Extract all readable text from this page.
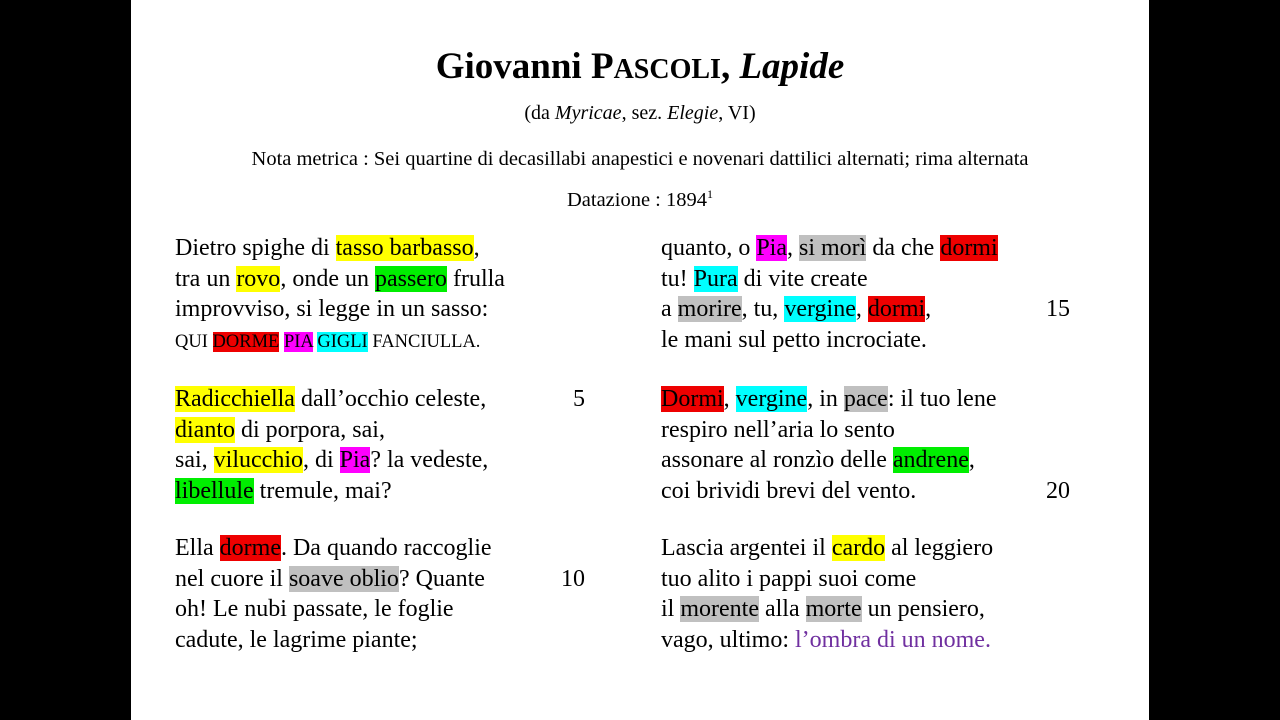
Giovanni PASCOLI, Lapide
(da Myricae, sez. Elegie, VI)
Nota metrica : Sei quartine di decasillabi anapestici e novenari dattilici alternati; rima alternata
Datazione : 1894$^1$
Dietro spighe di tasso barbasso,
tra un rovo, onde un passero frulla
improvviso, si legge in un sasso:
QUI DORME PIA GIGLI FANCIULLA.
Radicchiella dall’occhio celeste,
dianto di porpora, sai,
sai, vilucchio, di Pia? la vedeste,
libellule tremule, mai?
5
Ella dorme. Da quando raccoglie
nel cuore il soave oblio? Quante
oh! Le nubi passate, le foglie
cadute, le lagrime piante;
10
quanto, o Pia, si morì da che dormi
tu! Pura di vite create
a morire, tu, vergine, dormi,
le mani sul petto incrociate.
15
Dormi, vergine, in pace: il tuo lene
respiro nell’aria lo sento
assonare al ronzìo delle andrene,
coi brividi brevi del vento.	20
Lascia argentei il cardo al leggiero
tuo alito i pappi suoi come
il morente alla morte un pensiero,
vago, ultimo: l’ombra di un nome.
